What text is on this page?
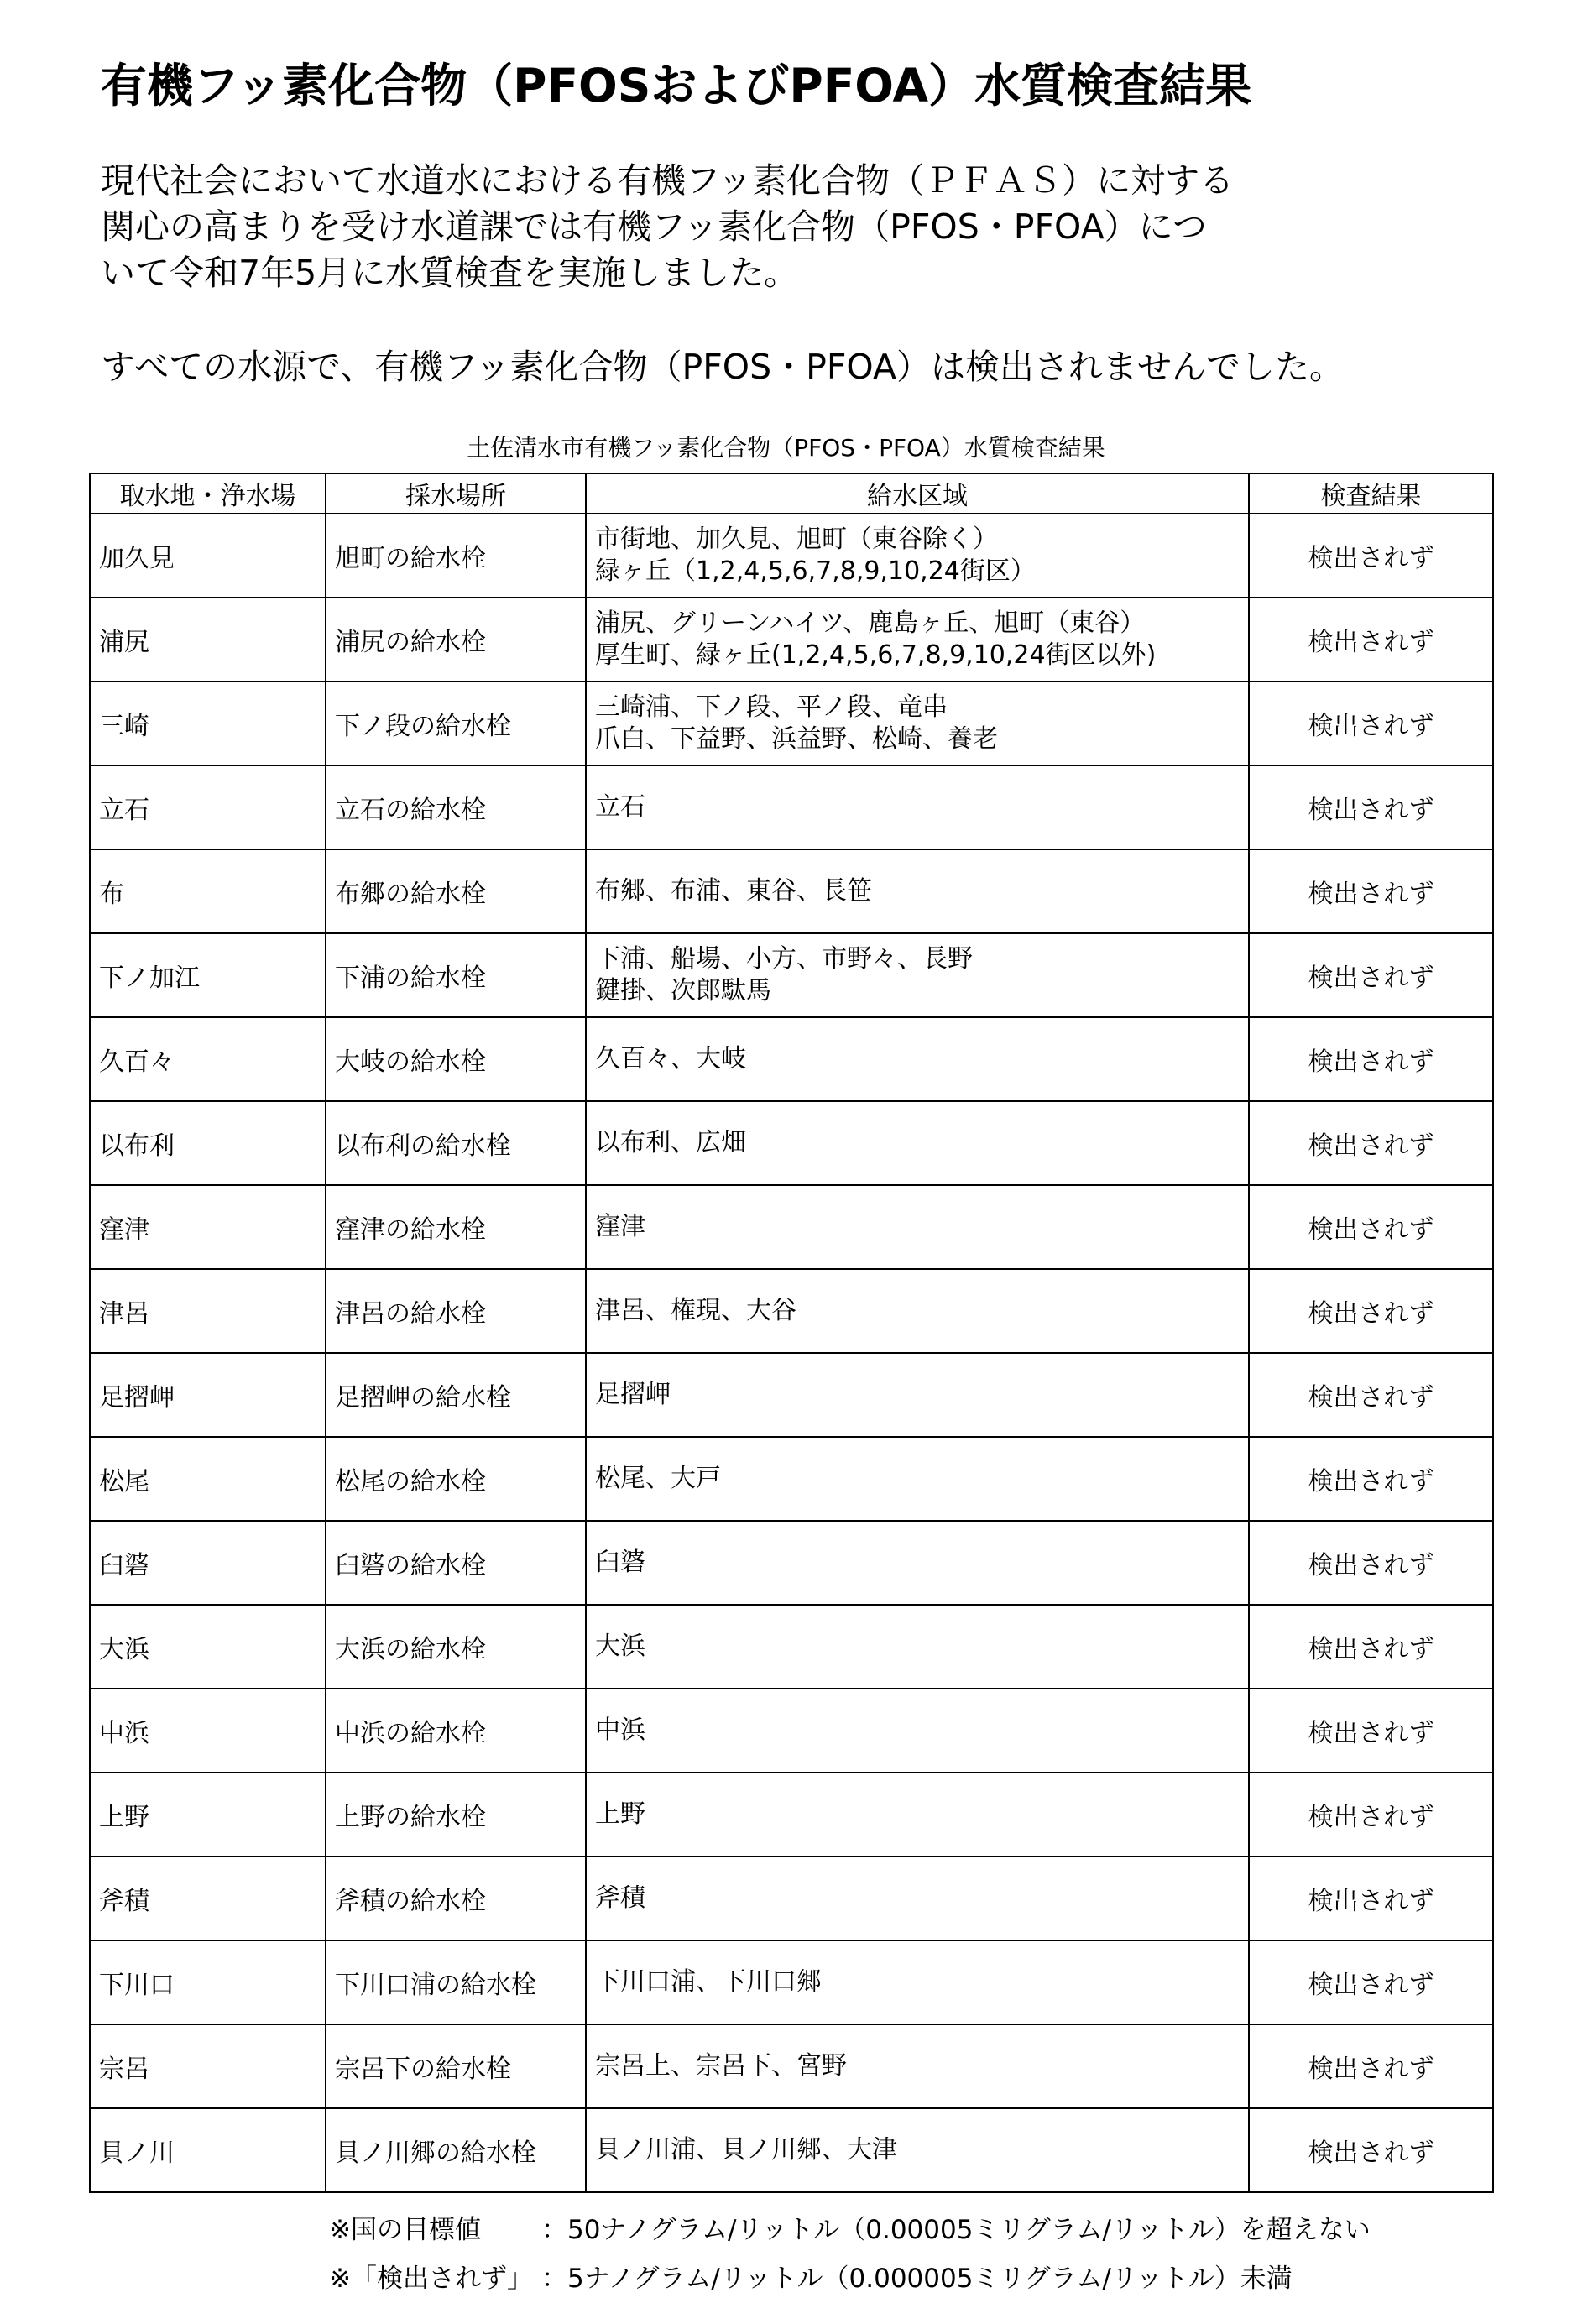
有機フッ素化合物（PFOSおよびPFOA）水質検査結果
現代社会において水道水における有機フッ素化合物（ＰＦＡＳ）に対する
関心の高まりを受け水道課では有機フッ素化合物（PFOS・PFOA）につ
いて令和7年5月に水質検査を実施しました。
すべての水源で、有機フッ素化合物（PFOS・PFOA）は検出されませんでした。
土佐清水市有機フッ素化合物（PFOS・PFOA）水質検査結果
取水地・浄水場	採水場所	給水区域	検査結果
加久見	旭町の給水栓	市街地、加久見、旭町（東谷除く）
緑ヶ丘（1,2,4,5,6,7,8,9,10,24街区）	検出されず
浦尻	浦尻の給水栓	浦尻、グリーンハイツ、鹿島ヶ丘、旭町（東谷）
厚生町、緑ヶ丘(1,2,4,5,6,7,8,9,10,24街区以外)	検出されず
三崎	下ノ段の給水栓	三崎浦、下ノ段、平ノ段、竜串
爪白、下益野、浜益野、松崎、養老	検出されず
立石	立石の給水栓	立石	検出されず
布	布郷の給水栓	布郷、布浦、東谷、長笹	検出されず
下ノ加江	下浦の給水栓	下浦、船場、小方、市野々、長野
鍵掛、次郎駄馬	検出されず
久百々	大岐の給水栓	久百々、大岐	検出されず
以布利	以布利の給水栓	以布利、広畑	検出されず
窪津	窪津の給水栓	窪津	検出されず
津呂	津呂の給水栓	津呂、権現、大谷	検出されず
足摺岬	足摺岬の給水栓	足摺岬	検出されず
松尾	松尾の給水栓	松尾、大戸	検出されず
臼碆	臼碆の給水栓	臼碆	検出されず
大浜	大浜の給水栓	大浜	検出されず
中浜	中浜の給水栓	中浜	検出されず
上野	上野の給水栓	上野	検出されず
斧積	斧積の給水栓	斧積	検出されず
下川口	下川口浦の給水栓	下川口浦、下川口郷	検出されず
宗呂	宗呂下の給水栓	宗呂上、宗呂下、宮野	検出されず
貝ノ川	貝ノ川郷の給水栓	貝ノ川浦、貝ノ川郷、大津	検出されず
※国の目標値 ：50ナノグラム/リットル（0.00005ミリグラム/リットル）を超えない
※「検出されず」 ：5ナノグラム/リットル（0.000005ミリグラム/リットル）未満
